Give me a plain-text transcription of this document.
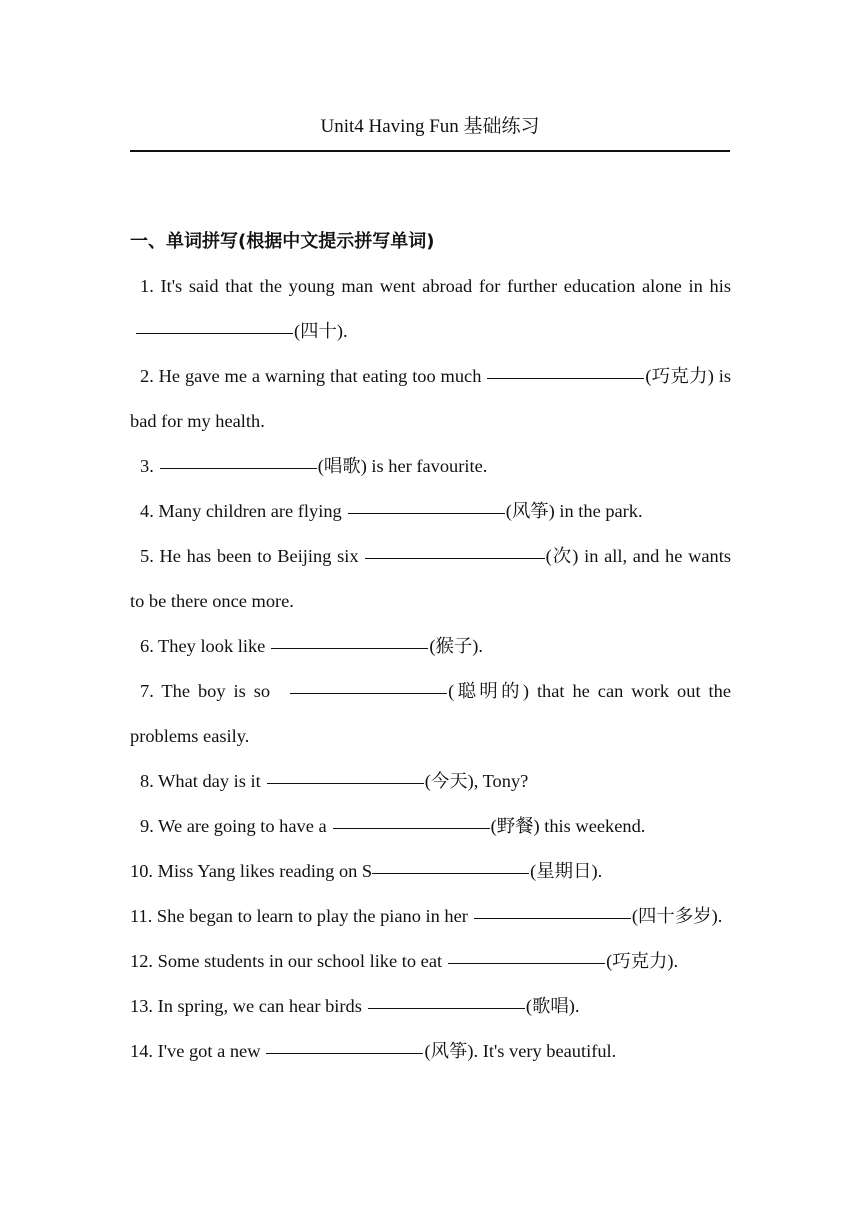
Unit4 Having Fun 基础练习
一、单词拼写(根据中文提示拼写单词)

1. It's said that the young man went abroad for further education alone in his(四十).

2. He gave me a warning that eating too much	(巧克力) is bad for my health.

3.	(唱歌) is her favourite.

4. Many children are flying	(风筝) in the park.

5. He has been to Beijing six	(次) in all, and he wants to be there once more.

6. They look like	(猴子).

7. The boy is so	(聪明的) that he can work out the problems easily.

8. What day is it	(今天), Tony?

9. We are going to have a	(野餐) this weekend.

10. Miss Yang likes reading on S	(星期日).

11. She began to learn to play the piano in her	(四十多岁).

12. Some students in our school like to eat	(巧克力).

13. In spring, we can hear birds	(歌唱).

14. I've got a new	(风筝). It's very beautiful.
